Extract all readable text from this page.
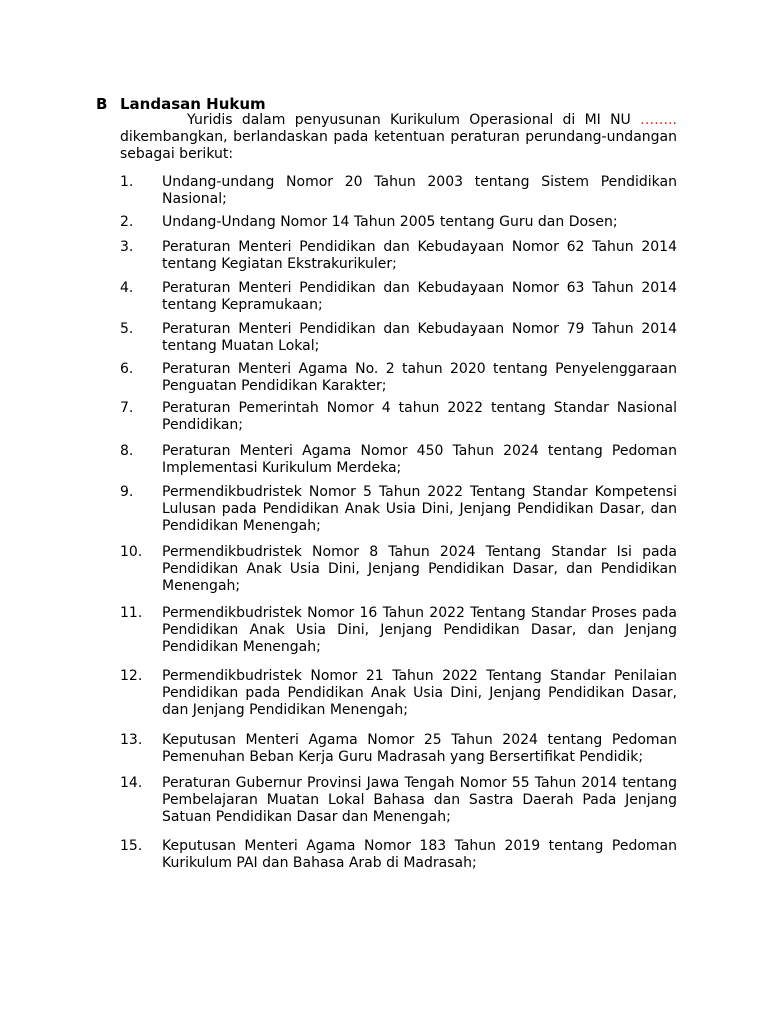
B Landasan Hukum
Yuridis dalam penyusunan Kurikulum Operasional di MI NU …….. dikembangkan, berlandaskan pada ketentuan peraturan perundang-undangan sebagai berikut:
1.	Undang-undang Nomor 20 Tahun 2003 tentang Sistem Pendidikan Nasional;
2.	Undang-Undang Nomor 14 Tahun 2005 tentang Guru dan Dosen;
3.	Peraturan Menteri Pendidikan dan Kebudayaan Nomor 62 Tahun 2014 tentang Kegiatan Ekstrakurikuler;
4.	Peraturan Menteri Pendidikan dan Kebudayaan Nomor 63 Tahun 2014 tentang Kepramukaan;
5.	Peraturan Menteri Pendidikan dan Kebudayaan Nomor 79 Tahun 2014 tentang Muatan Lokal;
6.	Peraturan Menteri Agama No. 2 tahun 2020 tentang Penyelenggaraan Penguatan Pendidikan Karakter;
7.	Peraturan Pemerintah Nomor 4 tahun 2022 tentang Standar Nasional Pendidikan;
8.	Peraturan Menteri Agama Nomor 450 Tahun 2024 tentang Pedoman Implementasi Kurikulum Merdeka;
9.	Permendikbudristek Nomor 5 Tahun 2022 Tentang Standar Kompetensi Lulusan pada Pendidikan Anak Usia Dini, Jenjang Pendidikan Dasar, dan Pendidikan Menengah;
10.	Permendikbudristek Nomor 8 Tahun 2024 Tentang Standar Isi pada Pendidikan Anak Usia Dini, Jenjang Pendidikan Dasar, dan Pendidikan Menengah;
11.	Permendikbudristek Nomor 16 Tahun 2022 Tentang Standar Proses pada Pendidikan Anak Usia Dini, Jenjang Pendidikan Dasar, dan Jenjang Pendidikan Menengah;
12.	Permendikbudristek Nomor 21 Tahun 2022 Tentang Standar Penilaian Pendidikan pada Pendidikan Anak Usia Dini, Jenjang Pendidikan Dasar, dan Jenjang Pendidikan Menengah;
13.	Keputusan Menteri Agama Nomor 25 Tahun 2024 tentang Pedoman Pemenuhan Beban Kerja Guru Madrasah yang Bersertifikat Pendidik;
14.	Peraturan Gubernur Provinsi Jawa Tengah Nomor 55 Tahun 2014 tentang Pembelajaran Muatan Lokal Bahasa dan Sastra Daerah Pada Jenjang Satuan Pendidikan Dasar dan Menengah;
15.	Keputusan Menteri Agama Nomor 183 Tahun 2019 tentang Pedoman Kurikulum PAI dan Bahasa Arab di Madrasah;
